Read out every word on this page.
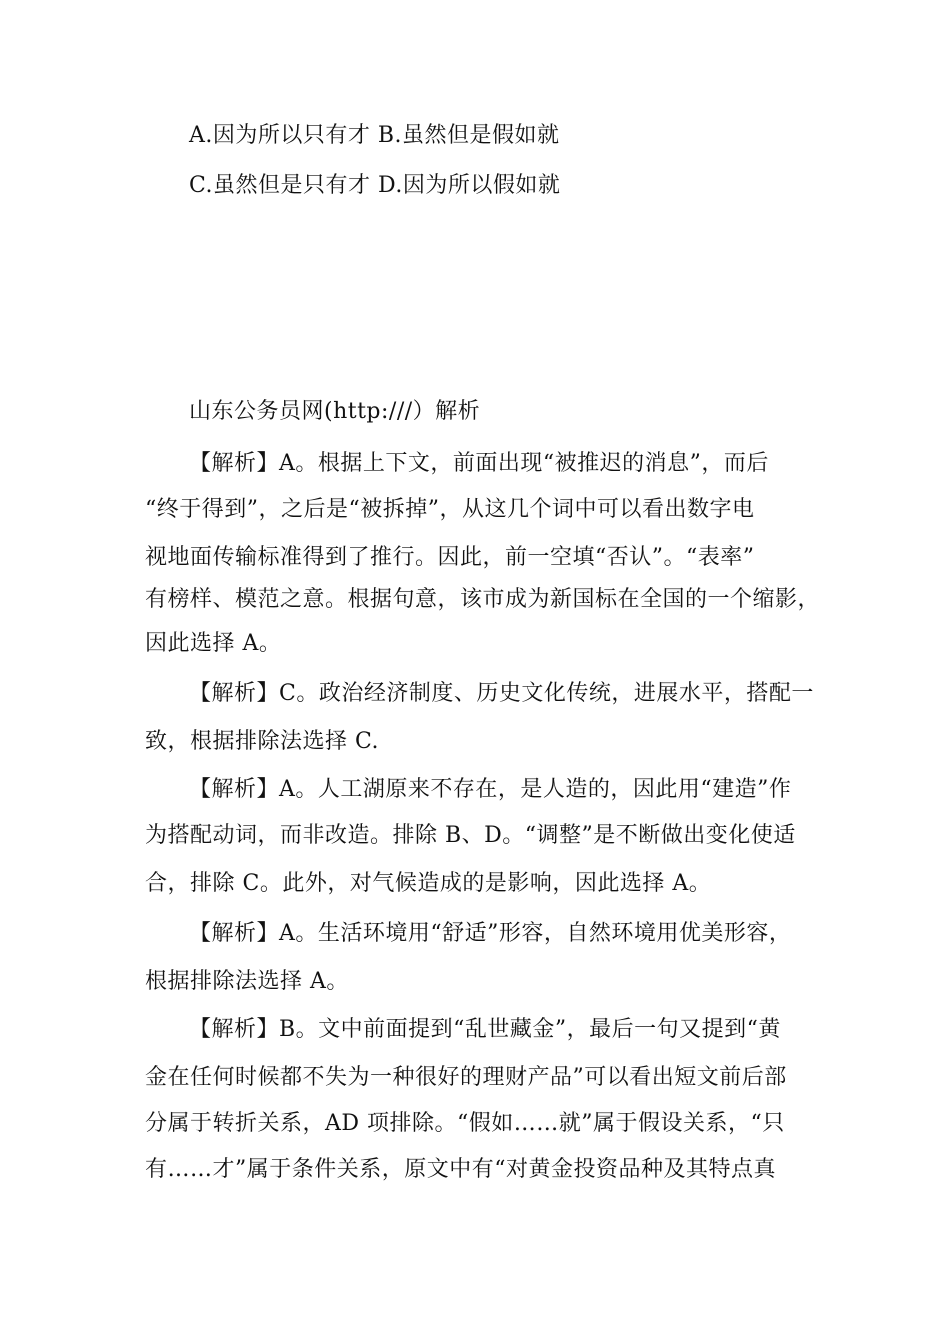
A.因为所以只有才 B.虽然但是假如就
C.虽然但是只有才 D.因为所以假如就
山东公务员网(http:///）解析
【解析】A。根据上下文，前面出现“被推迟的消息”，而后
“终于得到”，之后是“被拆掉”，从这几个词中可以看出数字电
视地面传输标准得到了推行。因此，前一空填“否认”。“表率”
有榜样、模范之意。根据句意，该市成为新国标在全国的一个缩影，
因此选择 A。
【解析】C。政治经济制度、历史文化传统，进展水平，搭配一
致，根据排除法选择 C.
【解析】A。人工湖原来不存在，是人造的，因此用“建造”作
为搭配动词，而非改造。排除 B、D。“调整”是不断做出变化使适
合，排除 C。此外，对气候造成的是影响，因此选择 A。
【解析】A。生活环境用“舒适”形容，自然环境用优美形容，
根据排除法选择 A。
【解析】B。文中前面提到“乱世藏金”，最后一句又提到“黄
金在任何时候都不失为一种很好的理财产品”可以看出短文前后部
分属于转折关系，AD 项排除。“假如……就”属于假设关系，“只
有……才”属于条件关系，原文中有“对黄金投资品种及其特点真
